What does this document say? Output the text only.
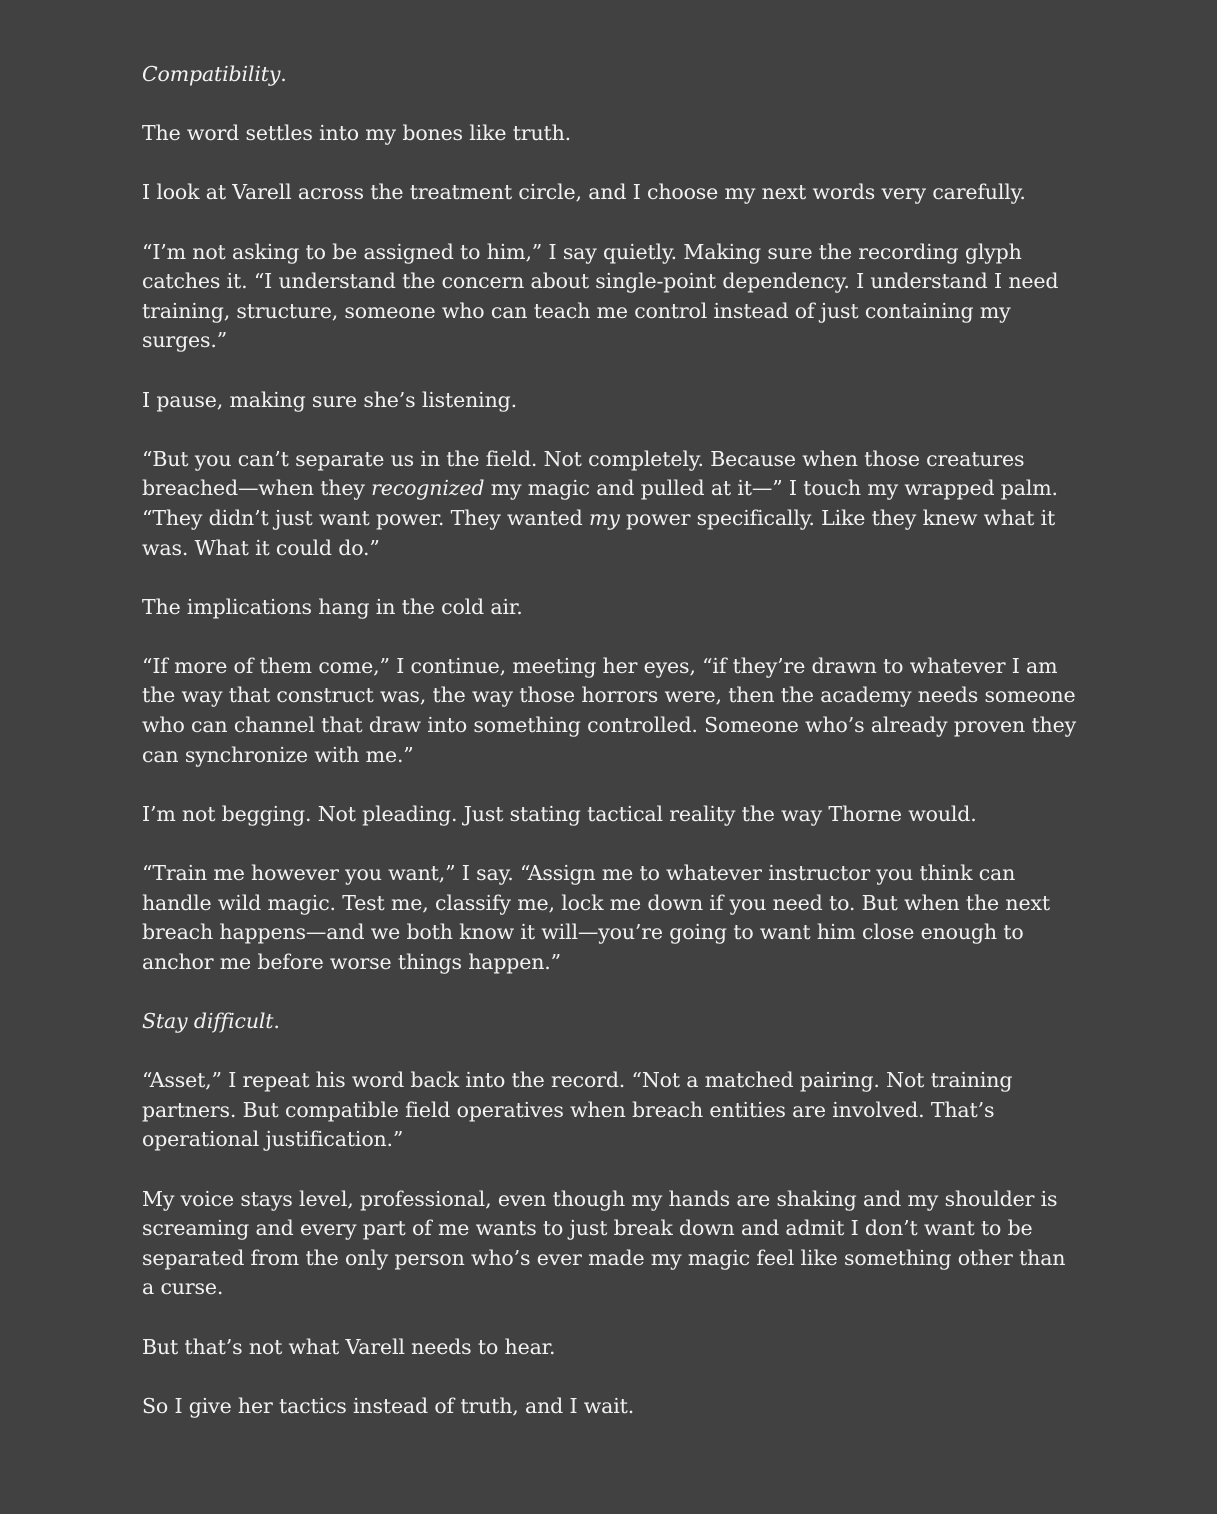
Compatibility.

The word settles into my bones like truth.

I look at Varell across the treatment circle, and I choose my next words very carefully.

“I’m not asking to be assigned to him,” I say quietly. Making sure the recording glyph catches it. “I understand the concern about single-point dependency. I understand I need training, structure, someone who can teach me control instead of just containing my surges.”

I pause, making sure she’s listening.

“But you can’t separate us in the field. Not completely. Because when those creatures breached—when they recognized my magic and pulled at it—” I touch my wrapped palm. “They didn’t just want power. They wanted my power specifically. Like they knew what it was. What it could do.”

The implications hang in the cold air.

“If more of them come,” I continue, meeting her eyes, “if they’re drawn to whatever I am the way that construct was, the way those horrors were, then the academy needs someone who can channel that draw into something controlled. Someone who’s already proven they can synchronize with me.”

I’m not begging. Not pleading. Just stating tactical reality the way Thorne would.

“Train me however you want,” I say. “Assign me to whatever instructor you think can handle wild magic. Test me, classify me, lock me down if you need to. But when the next breach happens—and we both know it will—you’re going to want him close enough to anchor me before worse things happen.”

Stay difficult.

“Asset,” I repeat his word back into the record. “Not a matched pairing. Not training partners. But compatible field operatives when breach entities are involved. That’s operational justification.”

My voice stays level, professional, even though my hands are shaking and my shoulder is screaming and every part of me wants to just break down and admit I don’t want to be separated from the only person who’s ever made my magic feel like something other than a curse.

But that’s not what Varell needs to hear.

So I give her tactics instead of truth, and I wait.
